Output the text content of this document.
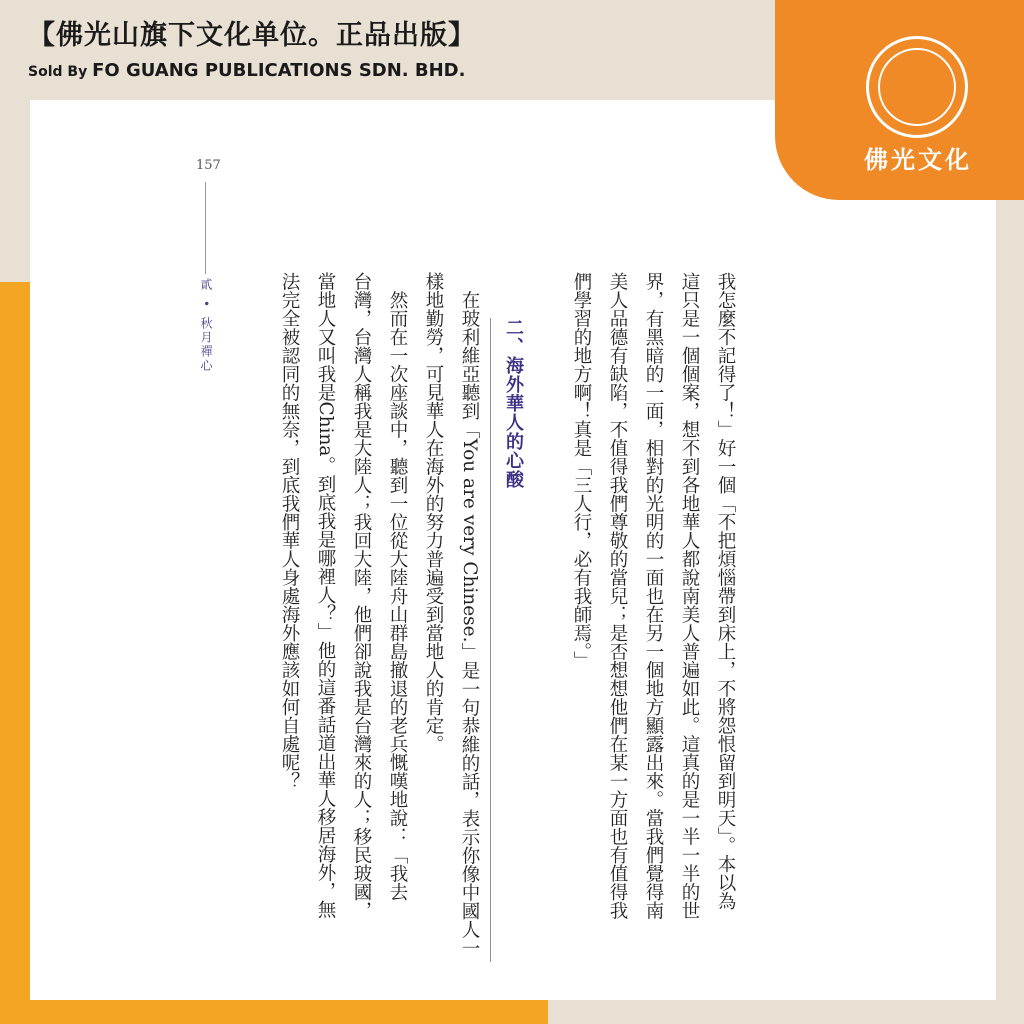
【佛光山旗下文化单位。正品出版】
Sold By FO GUANG PUBLICATIONS SDN. BHD.
佛光文化
157
貳 • 秋月禪心	我怎麼不記得了！」好一個「不把煩惱帶到床上，不將怨恨留到明天」。本以為
這只是一個個案，想不到各地華人都說南美人普遍如此。這真的是一半一半的世
界，有黑暗的一面，相對的光明的一面也在另一個地方顯露出來。當我們覺得南
美人品德有缺陷，不值得我們尊敬的當兒；是否想想他們在某一方面也有值得我
們學習的地方啊！真是「三人行，必有我師焉。」
二、海外華人的心酸
　在玻利維亞聽到「You are very Chinese.」是一句恭維的話，表示你像中國人一
樣地勤勞，可見華人在海外的努力普遍受到當地人的肯定。
　然而在一次座談中，聽到一位從大陸舟山群島撤退的老兵慨嘆地說：「我去
台灣，台灣人稱我是大陸人；我回大陸，他們卻說我是台灣來的人；移民玻國，
當地人又叫我是China。到底我是哪裡人？」他的這番話道出華人移居海外，無
法完全被認同的無奈，到底我們華人身處海外應該如何自處呢？
